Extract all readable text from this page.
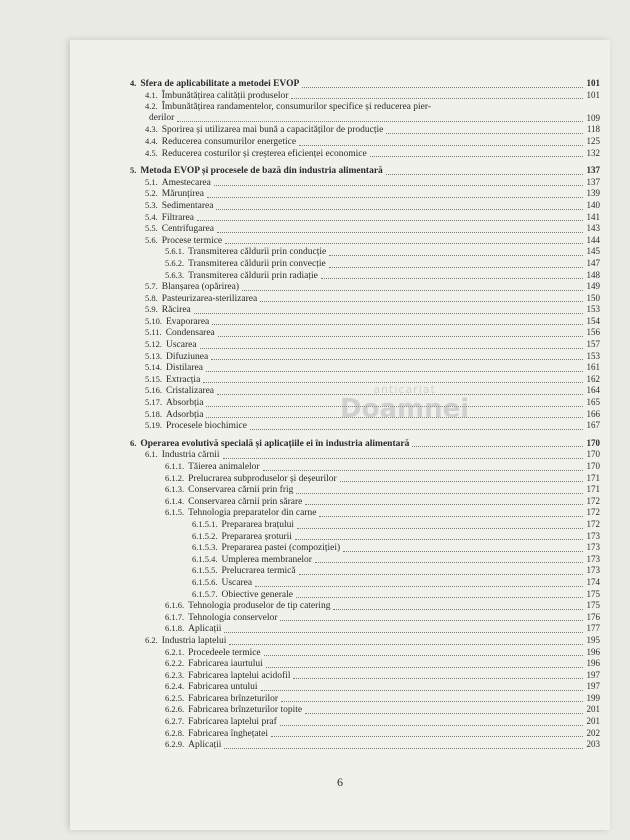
4. Sfera de aplicabilitate a metodei EVOP	101
4.1. Îmbunătățirea calității produselor	101
4.2. Îmbunătățirea randamentelor, consumurilor specifice și reducerea pier-
derilor	109
4.3. Sporirea și utilizarea mai bună a capacităților de producție	118
4.4. Reducerea consumurilor energetice	125
4.5. Reducerea costurilor și creșterea eficienței economice	132
5. Metoda EVOP și procesele de bază din industria alimentară	137
5.1. Amestecarea	137
5.2. Mărunțirea	139
5.3. Sedimentarea	140
5.4. Filtrarea	141
5.5. Centrifugarea	143
5.6. Procese termice	144
5.6.1. Transmiterea căldurii prin conducție	145
5.6.2. Transmiterea căldurii prin convecție	147
5.6.3. Transmiterea căldurii prin radiație	148
5.7. Blanșarea (opărirea)	149
5.8. Pasteurizarea-sterilizarea	150
5.9. Răcirea	153
5.10. Evaporarea	154
5.11. Condensarea	156
5.12. Uscarea	157
5.13. Difuziunea	153
5.14. Distilarea	161
5.15. Extracția	162
5.16. Cristalizarea	164
5.17. Absorbția	165
5.18. Adsorbția	166
5.19. Procesele biochimice	167
6. Operarea evolutivă specială și aplicațiile ei în industria alimentară	170
6.1. Industria cărnii	170
6.1.1. Tăierea animalelor	170
6.1.2. Prelucrarea subproduselor și deșeurilor	171
6.1.3. Conservarea cărnii prin frig	171
6.1.4. Conservarea cărnii prin sărare	172
6.1.5. Tehnologia preparatelor din carne	172
6.1.5.1. Prepararea brațului	172
6.1.5.2. Prepararea șroturii	173
6.1.5.3. Prepararea pastei (compoziției)	173
6.1.5.4. Umplerea membranelor	173
6.1.5.5. Prelucrarea termică	173
6.1.5.6. Uscarea	174
6.1.5.7. Obiective generale	175
6.1.6. Tehnologia produselor de tip catering	175
6.1.7. Tehnologia conservelor	176
6.1.8. Aplicații	177
6.2. Industria laptelui	195
6.2.1. Procedeele termice	196
6.2.2. Fabricarea iaurtului	196
6.2.3. Fabricarea laptelui acidofil	197
6.2.4. Fabricarea untului	197
6.2.5. Fabricarea brînzeturilor	199
6.2.6. Fabricarea brînzeturilor topite	201
6.2.7. Fabricarea laptelui praf	201
6.2.8. Fabricarea înghețatei	202
6.2.9. Aplicații	203
anticariat
Doamnei
6
